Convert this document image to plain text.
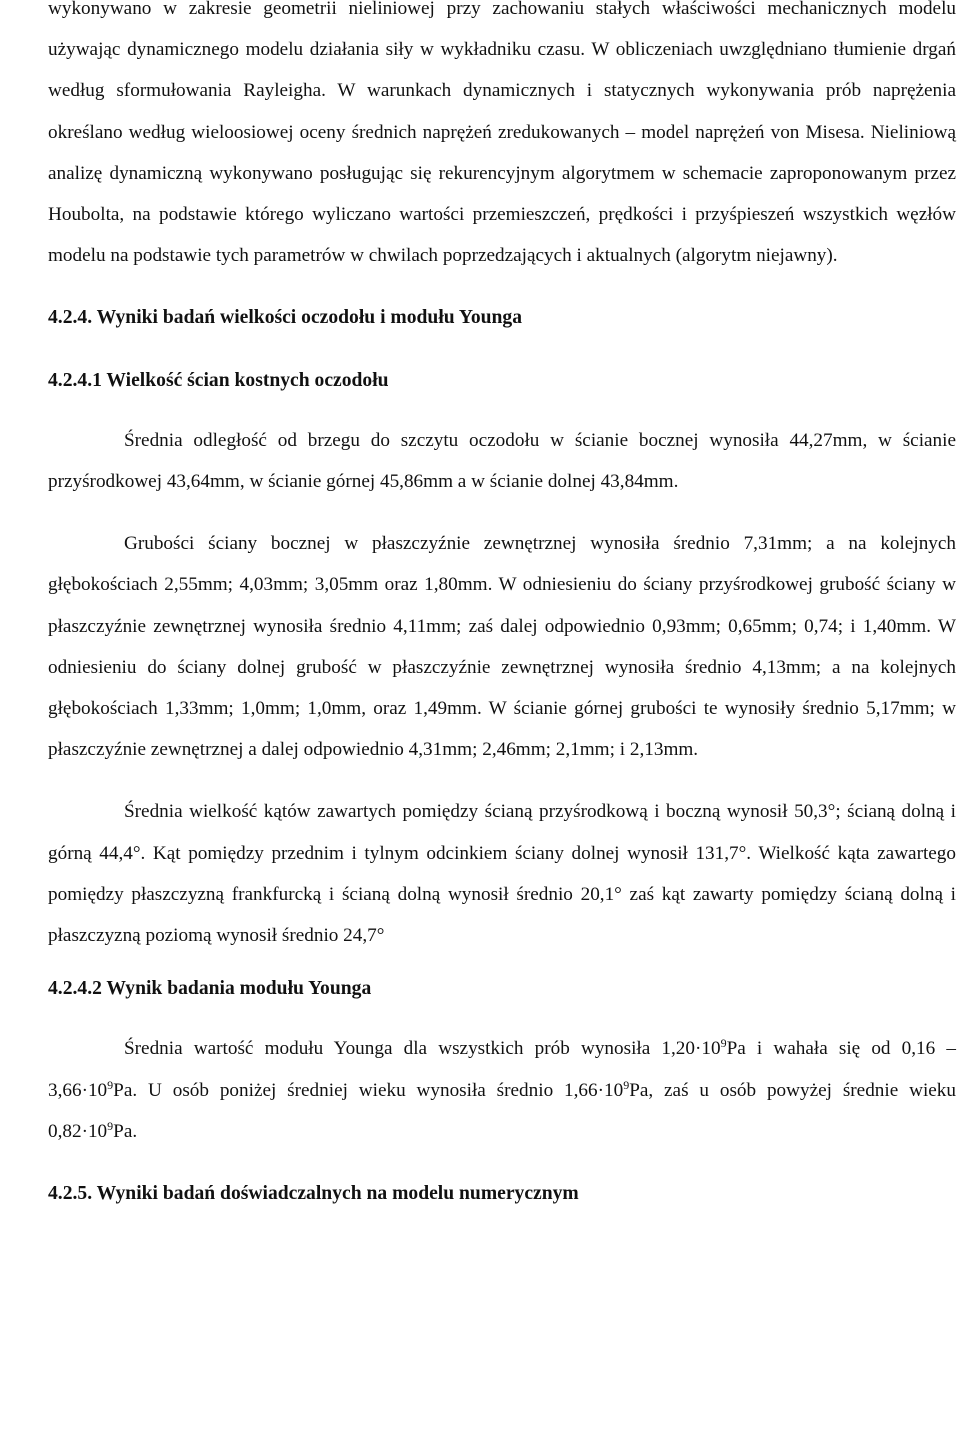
wykonywano w zakresie geometrii nieliniowej przy zachowaniu stałych właściwości mechanicznych modelu używając dynamicznego modelu działania siły w wykładniku czasu. W obliczeniach uwzględniano tłumienie drgań według sformułowania Rayleigha. W warunkach dynamicznych i statycznych wykonywania prób naprężenia określano według wieloosiowej oceny średnich naprężeń zredukowanych – model naprężeń von Misesa. Nieliniową analizę dynamiczną wykonywano posługując się rekurencyjnym algorytmem w schemacie zaproponowanym przez Houbolta, na podstawie którego wyliczano wartości przemieszczeń, prędkości i przyśpieszeń wszystkich węzłów modelu na podstawie tych parametrów w chwilach poprzedzających i aktualnych (algorytm niejawny).

4.2.4. Wyniki badań wielkości oczodołu i modułu Younga

4.2.4.1 Wielkość ścian kostnych oczodołu

Średnia odległość od brzegu do szczytu oczodołu w ścianie bocznej wynosiła 44,27mm, w ścianie przyśrodkowej 43,64mm, w ścianie górnej 45,86mm a w ścianie dolnej 43,84mm.

Grubości ściany bocznej w płaszczyźnie zewnętrznej wynosiła średnio 7,31mm; a na kolejnych głębokościach 2,55mm; 4,03mm; 3,05mm oraz 1,80mm. W odniesieniu do ściany przyśrodkowej grubość ściany w płaszczyźnie zewnętrznej wynosiła średnio 4,11mm; zaś dalej odpowiednio 0,93mm; 0,65mm; 0,74; i 1,40mm. W odniesieniu do ściany dolnej grubość w płaszczyźnie zewnętrznej wynosiła średnio 4,13mm; a na kolejnych głębokościach 1,33mm; 1,0mm; 1,0mm, oraz 1,49mm. W ścianie górnej grubości te wynosiły średnio 5,17mm; w płaszczyźnie zewnętrznej a dalej odpowiednio 4,31mm; 2,46mm; 2,1mm; i 2,13mm.

Średnia wielkość kątów zawartych pomiędzy ścianą przyśrodkową i boczną wynosił 50,3°; ścianą dolną i górną 44,4°. Kąt pomiędzy przednim i tylnym odcinkiem ściany dolnej wynosił 131,7°. Wielkość kąta zawartego pomiędzy płaszczyzną frankfurcką i ścianą dolną wynosił średnio 20,1° zaś kąt zawarty pomiędzy ścianą dolną i płaszczyzną poziomą wynosił średnio 24,7°

4.2.4.2 Wynik badania modułu Younga

Średnia wartość modułu Younga dla wszystkich prób wynosiła $1,20\cdot 10^9Pa$ i wahała się od $0,16 - 3,66\cdot 10^9Pa$. U osób poniżej średniej wieku wynosiła średnio $1,66\cdot 10^9Pa$, zaś u osób powyżej średnie wieku $0,82\cdot 10^9Pa$.

4.2.5. Wyniki badań doświadczalnych na modelu numerycznym
